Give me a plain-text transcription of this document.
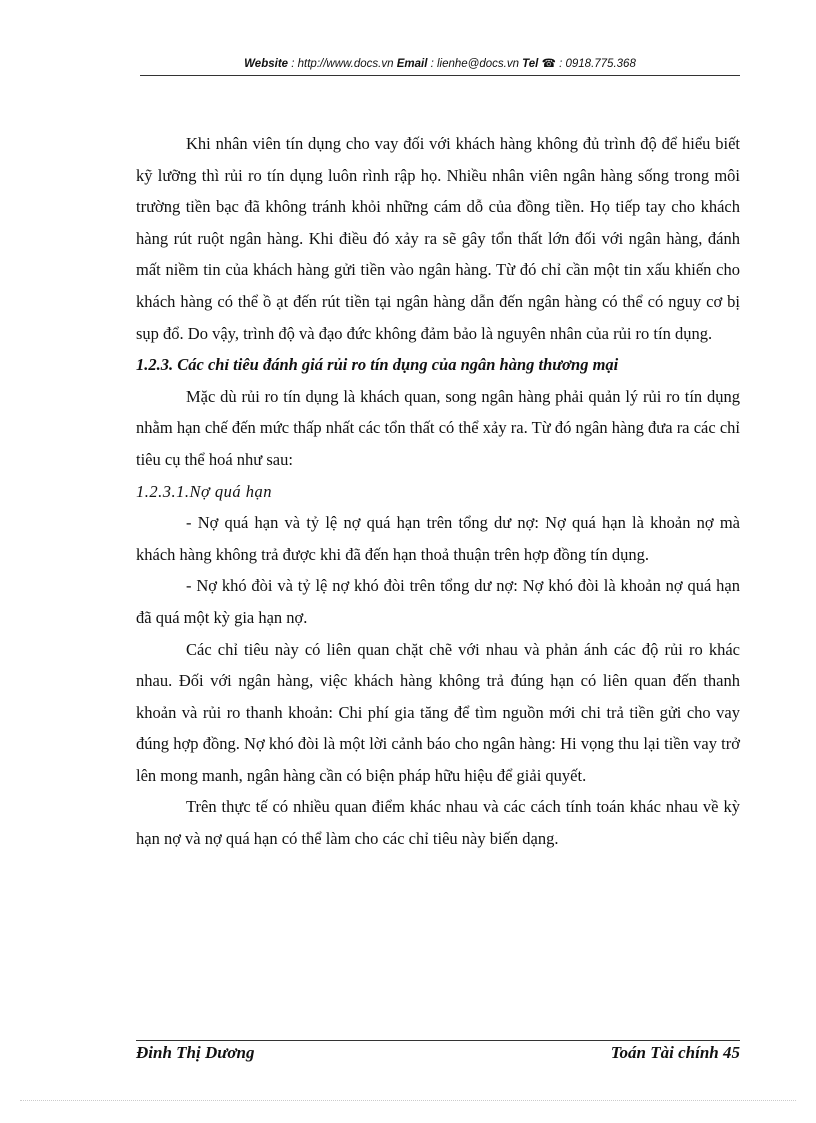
Website : http://www.docs.vn Email : lienhe@docs.vn Tel ☎ : 0918.775.368

Khi nhân viên tín dụng cho vay đối với khách hàng không đủ trình độ để hiểu biết kỹ lưỡng thì rủi ro tín dụng luôn rình rập họ. Nhiều nhân viên ngân hàng sống trong môi trường tiền bạc đã không tránh khỏi những cám dỗ của đồng tiền. Họ tiếp tay cho khách hàng rút ruột ngân hàng. Khi điều đó xảy ra sẽ gây tổn thất lớn đối với ngân hàng, đánh mất niềm tin của khách hàng gửi tiền vào ngân hàng. Từ đó chỉ cần một tin xấu khiến cho khách hàng có thể ồ ạt đến rút tiền tại ngân hàng dẫn đến ngân hàng có thể có nguy cơ bị sụp đổ. Do vậy, trình độ và đạo đức không đảm bảo là nguyên nhân của rủi ro tín dụng.

1.2.3. Các chỉ tiêu đánh giá rủi ro tín dụng của ngân hàng thương mại

Mặc dù rủi ro tín dụng là khách quan, song ngân hàng phải quản lý rủi ro tín dụng nhằm hạn chế đến mức thấp nhất các tổn thất có thể xảy ra. Từ đó ngân hàng đưa ra các chỉ tiêu cụ thể hoá như sau:

1.2.3.1.Nợ quá hạn

- Nợ quá hạn và tỷ lệ nợ quá hạn trên tổng dư nợ: Nợ quá hạn là khoản nợ mà khách hàng không trả được khi đã đến hạn thoả thuận trên hợp đồng tín dụng.

- Nợ khó đòi và tỷ lệ nợ khó đòi trên tổng dư nợ: Nợ khó đòi là khoản nợ quá hạn đã quá một kỳ gia hạn nợ.

Các chỉ tiêu này có liên quan chặt chẽ với nhau và phản ánh các độ rủi ro khác nhau. Đối với ngân hàng, việc khách hàng không trả đúng hạn có liên quan đến thanh khoản và rủi ro thanh khoản: Chi phí gia tăng để tìm nguồn mới chi trả tiền gửi cho vay đúng hợp đồng. Nợ khó đòi là một lời cảnh báo cho ngân hàng: Hi vọng thu lại tiền vay trở lên mong manh, ngân hàng cần có biện pháp hữu hiệu để giải quyết.

Trên thực tế có nhiều quan điểm khác nhau và các cách tính toán khác nhau về kỳ hạn nợ và nợ quá hạn có thể làm cho các chỉ tiêu này biến dạng.

Đinh Thị Dương	Toán Tài chính 45
